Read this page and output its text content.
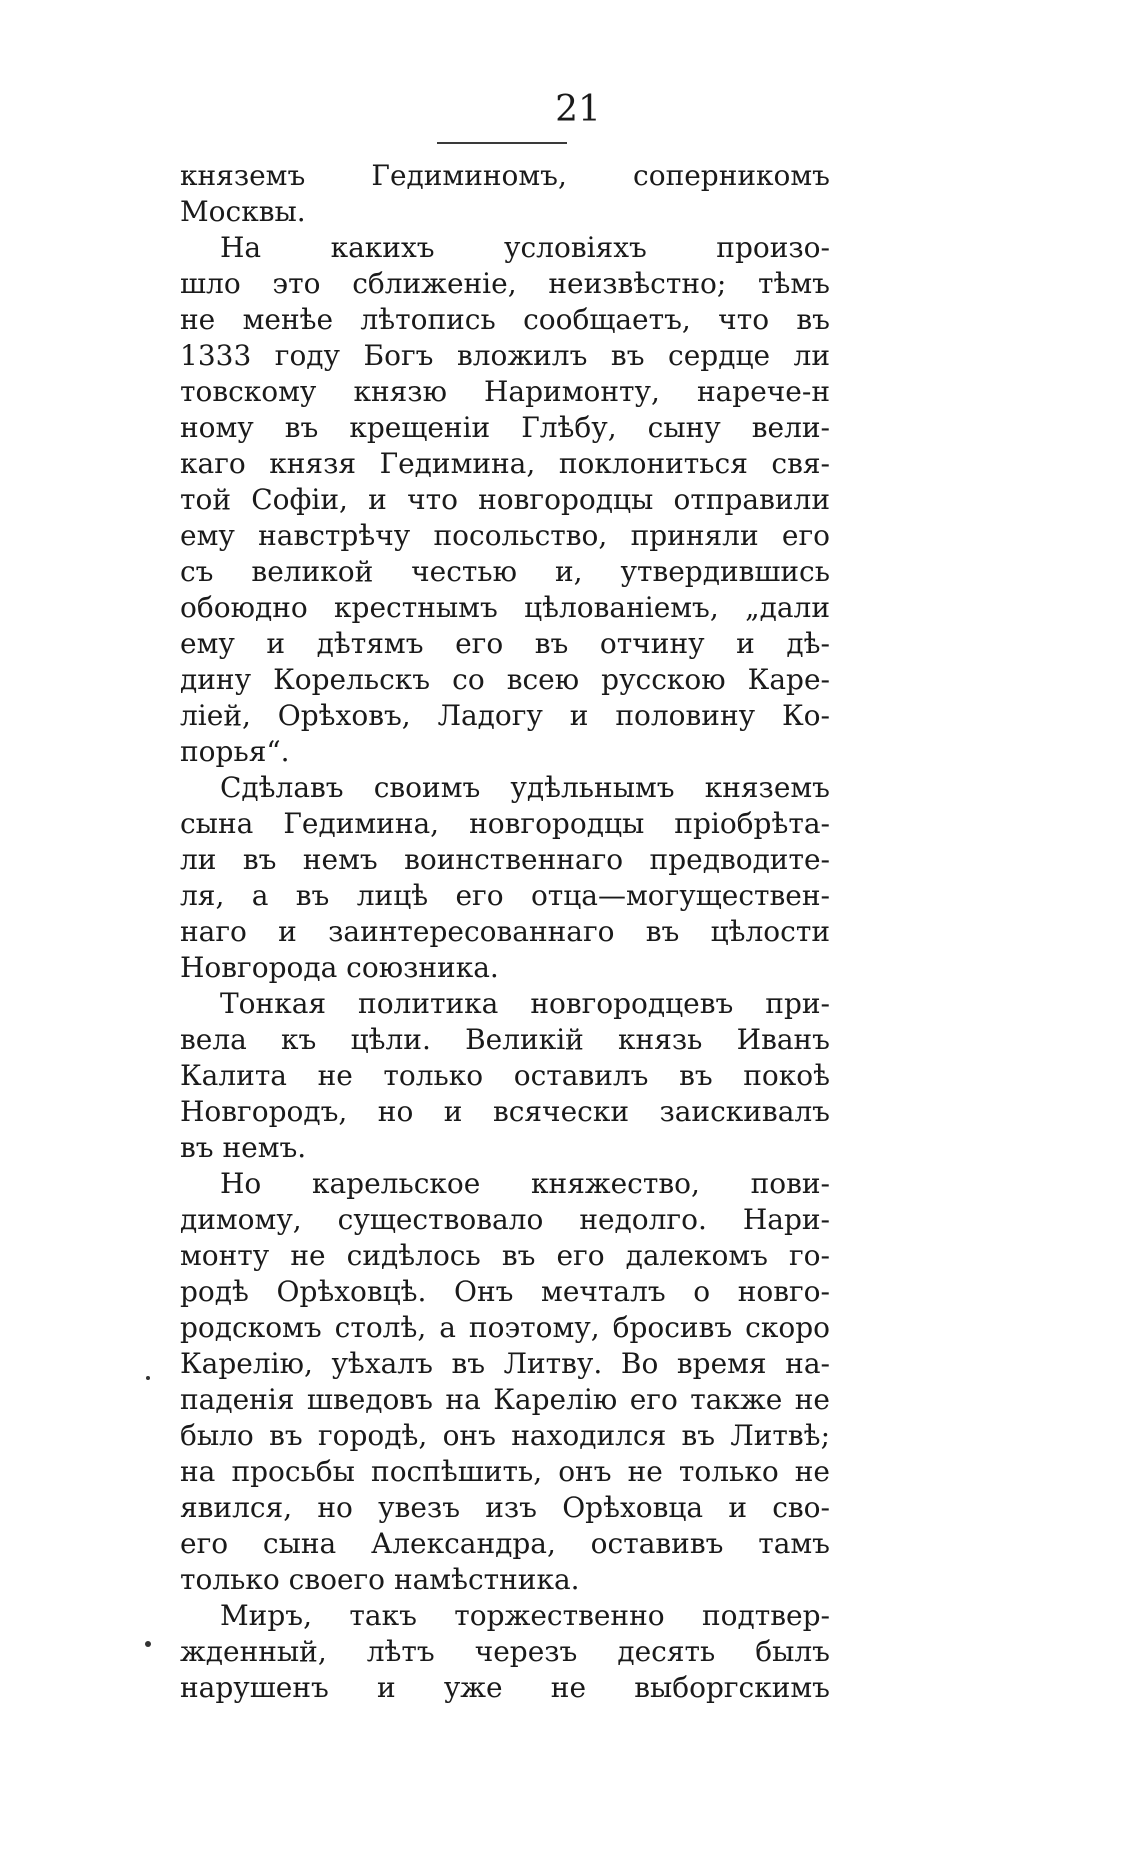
21
княземъ Гедиминомъ, соперникомъ
Москвы.
На какихъ условіяхъ произо-
шло это сближеніе, неизвѣстно; тѣмъ
не менѣе лѣтопись сообщаетъ, что въ
1333 году Богъ вложилъ въ сердце ли
товскому князю Наримонту, нарече-н
ному въ крещеніи Глѣбу, сыну вели-
каго князя Гедимина, поклониться свя-
той Софіи, и что новгородцы отправили
ему навстрѣчу посольство, приняли его
съ великой честью и, утвердившись
обоюдно крестнымъ цѣлованіемъ, „дали
ему и дѣтямъ его въ отчину и дѣ-
дину Корельскъ со всею русскою Каре-
ліей, Орѣховъ, Ладогу и половину Ко-
порья“.
Сдѣлавъ своимъ удѣльнымъ княземъ
сына Гедимина, новгородцы пріобрѣта-
ли въ немъ воинственнаго предводите-
ля, а въ лицѣ его отца—могуществен-
наго и заинтересованнаго въ цѣлости
Новгорода союзника.
Тонкая политика новгородцевъ при-
вела къ цѣли. Великій князь Иванъ
Калита не только оставилъ въ покоѣ
Новгородъ, но и всячески заискивалъ
въ немъ.
Но карельское княжество, пови-
димому, существовало недолго. Нари-
монту не сидѣлось въ его далекомъ го-
родѣ Орѣховцѣ. Онъ мечталъ о новго-
родскомъ столѣ, а поэтому, бросивъ скоро
Карелію, уѣхалъ въ Литву. Во время на-
паденія шведовъ на Карелію его также не
было въ городѣ, онъ находился въ Литвѣ;
на просьбы поспѣшить, онъ не только не
явился, но увезъ изъ Орѣховца и сво-
его сына Александра, оставивъ тамъ
только своего намѣстника.
Миръ, такъ торжественно подтвер-
жденный, лѣтъ черезъ десять былъ
нарушенъ и уже не выборгскимъ
